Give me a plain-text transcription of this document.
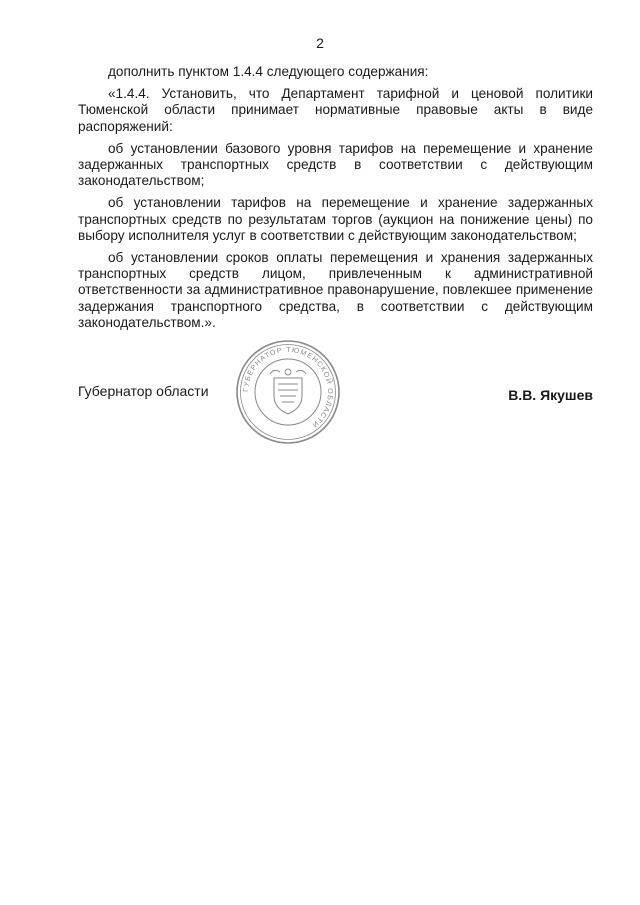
2

дополнить пунктом 1.4.4 следующего содержания:

«1.4.4. Установить, что Департамент тарифной и ценовой политики Тюменской области принимает нормативные правовые акты в виде распоряжений:

об установлении базового уровня тарифов на перемещение и хранение задержанных транспортных средств в соответствии с действующим законодательством;

об установлении тарифов на перемещение и хранение задержанных транспортных средств по результатам торгов (аукцион на понижение цены) по выбору исполнителя услуг в соответствии с действующим законодательством;

об установлении сроков оплаты перемещения и хранения задержанных транспортных средств лицом, привлеченным к административной ответственности за административное правонарушение, повлекшее применение задержания транспортного средства, в соответствии с действующим законодательством.».

ГУБЕРНАТОР ТЮМЕНСКОЙ ОБЛАСТИ
Губернатор области	В.В. Якушев
